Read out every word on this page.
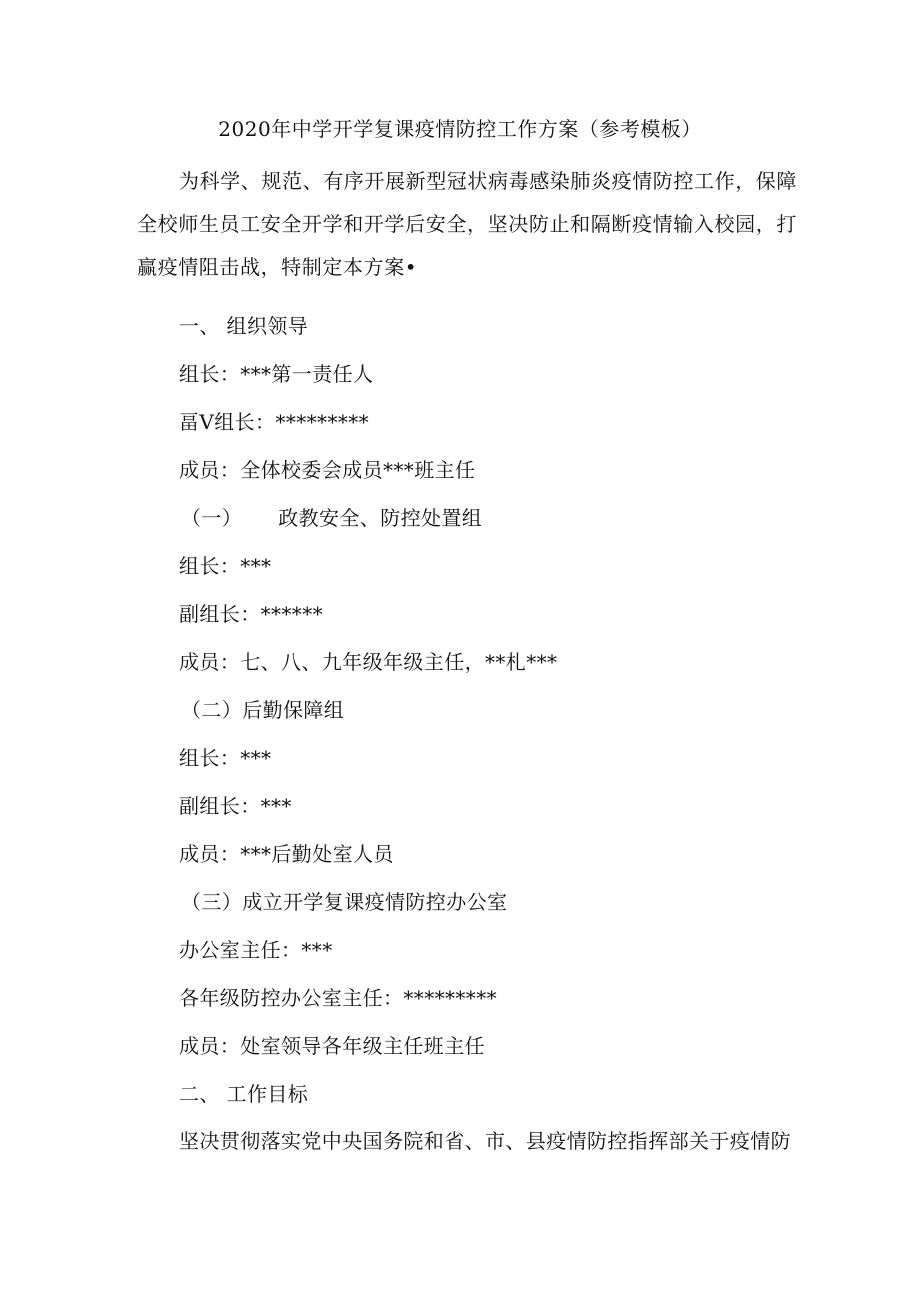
2020年中学开学复课疫情防控工作方案（参考模板）

为科学、规范、有序开展新型冠状病毒感染肺炎疫情防控工作，保障全校师生员工安全开学和开学后安全，坚决防止和隔断疫情输入校园，打赢疫情阻击战，特制定本方案•

一、 组织领导
组长：***第一责任人
畐V组长：*********
成员：全体校委会成员***班主任
（一） 政教安全、防控处置组
组长：***
副组长：******
成员：七、八、九年级年级主任，**札***
（二）后勤保障组
组长：***
副组长：***
成员：***后勤处室人员
（三）成立开学复课疫情防控办公室
办公室主任：***
各年级防控办公室主任：*********
成员：处室领导各年级主任班主任
二、 工作目标
坚决贯彻落实党中央国务院和省、市、县疫情防控指挥部关于疫情防
